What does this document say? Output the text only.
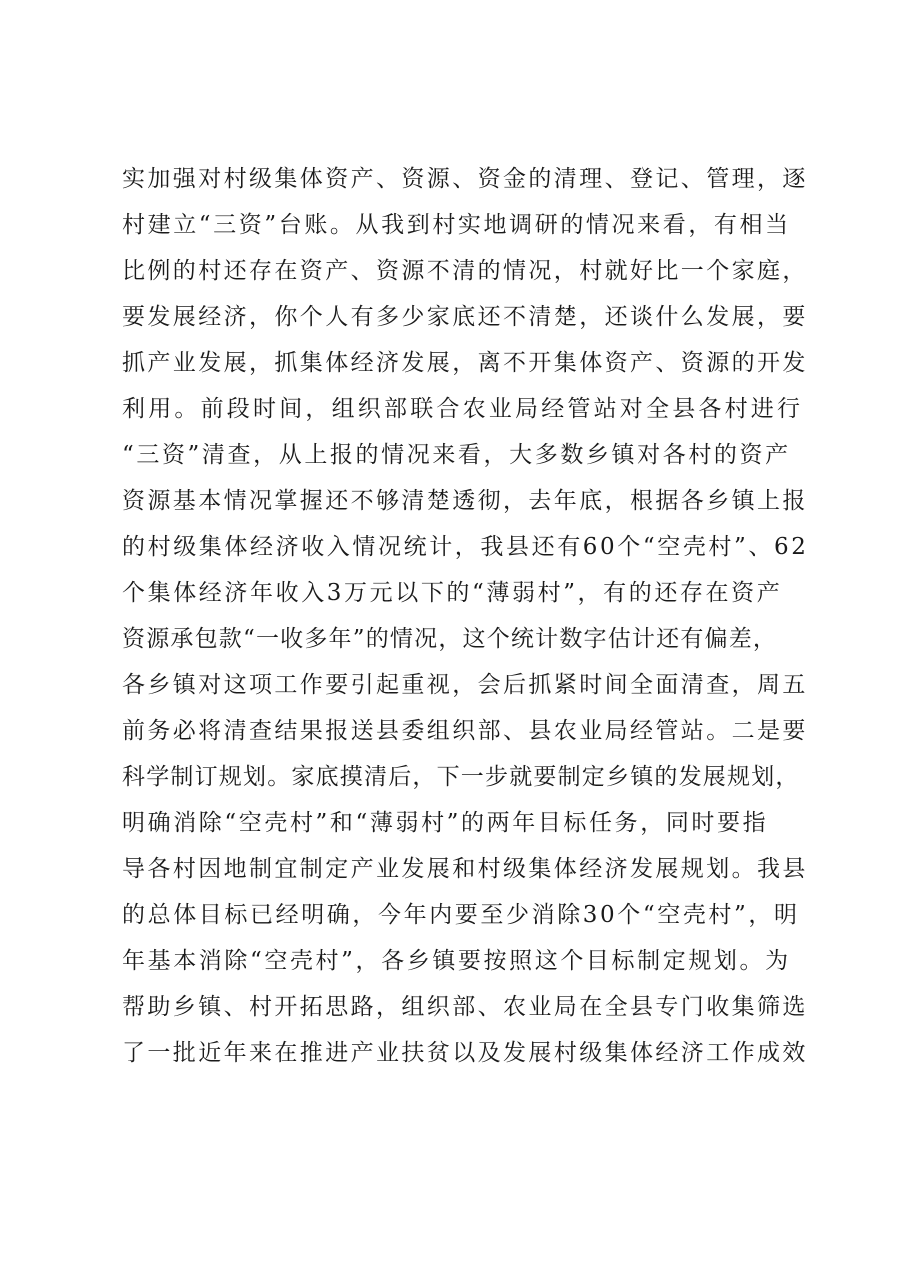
实加强对村级集体资产、资源、资金的清理、登记、管理，逐
村建立“三资”台账。从我到村实地调研的情况来看，有相当
比例的村还存在资产、资源不清的情况，村就好比一个家庭，
要发展经济，你个人有多少家底还不清楚，还谈什么发展，要
抓产业发展，抓集体经济发展，离不开集体资产、资源的开发
利用。前段时间，组织部联合农业局经管站对全县各村进行
“三资”清查，从上报的情况来看，大多数乡镇对各村的资产
资源基本情况掌握还不够清楚透彻，去年底，根据各乡镇上报
的村级集体经济收入情况统计，我县还有60个“空壳村”、62
个集体经济年收入3万元以下的“薄弱村”，有的还存在资产
资源承包款“一收多年”的情况，这个统计数字估计还有偏差，
各乡镇对这项工作要引起重视，会后抓紧时间全面清查，周五
前务必将清查结果报送县委组织部、县农业局经管站。二是要
科学制订规划。家底摸清后，下一步就要制定乡镇的发展规划，
明确消除“空壳村”和“薄弱村”的两年目标任务，同时要指
导各村因地制宜制定产业发展和村级集体经济发展规划。我县
的总体目标已经明确，今年内要至少消除30个“空壳村”，明
年基本消除“空壳村”，各乡镇要按照这个目标制定规划。为
帮助乡镇、村开拓思路，组织部、农业局在全县专门收集筛选
了一批近年来在推进产业扶贫以及发展村级集体经济工作成效
